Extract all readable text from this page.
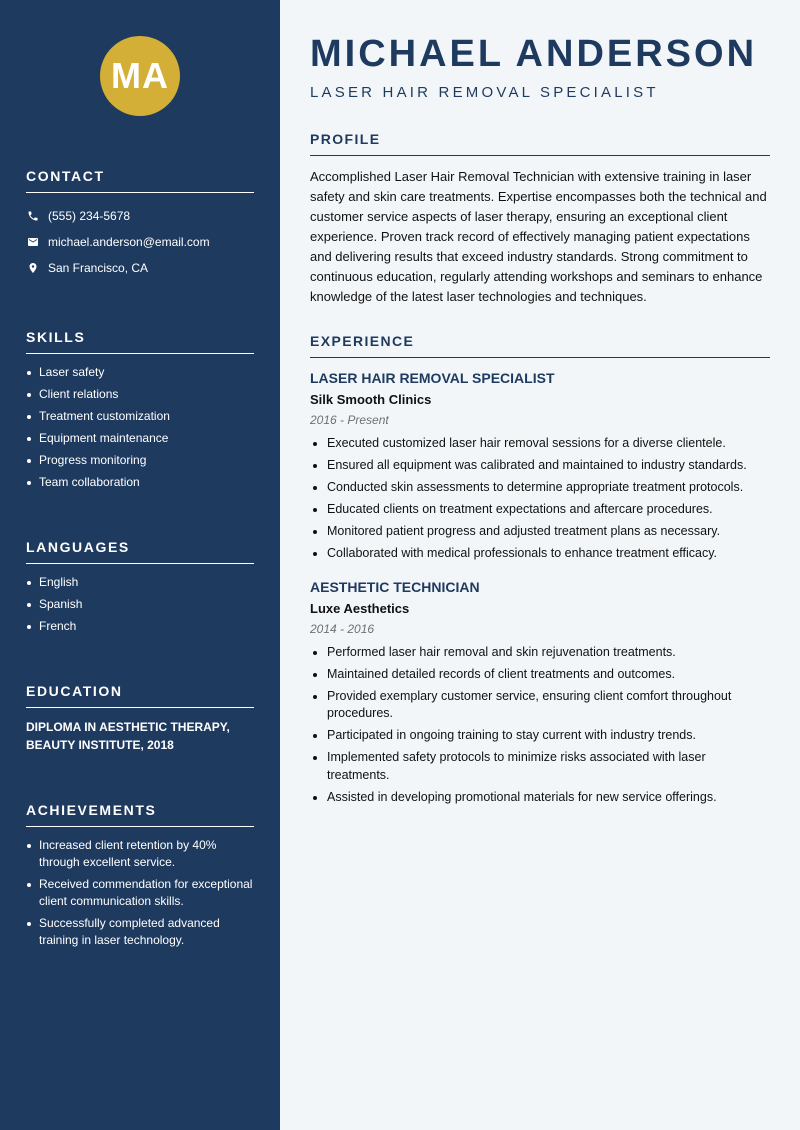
MA
CONTACT
(555) 234-5678
michael.anderson@email.com
San Francisco, CA
SKILLS
Laser safety
Client relations
Treatment customization
Equipment maintenance
Progress monitoring
Team collaboration
LANGUAGES
English
Spanish
French
EDUCATION
DIPLOMA IN AESTHETIC THERAPY,
BEAUTY INSTITUTE, 2018
ACHIEVEMENTS
Increased client retention by 40% through excellent service.
Received commendation for exceptional client communication skills.
Successfully completed advanced training in laser technology.
MICHAEL ANDERSON
LASER HAIR REMOVAL SPECIALIST
PROFILE
Accomplished Laser Hair Removal Technician with extensive training in laser safety and skin care treatments. Expertise encompasses both the technical and customer service aspects of laser therapy, ensuring an exceptional client experience. Proven track record of effectively managing patient expectations and delivering results that exceed industry standards. Strong commitment to continuous education, regularly attending workshops and seminars to enhance knowledge of the latest laser technologies and techniques.
EXPERIENCE
LASER HAIR REMOVAL SPECIALIST
Silk Smooth Clinics
2016 - Present
Executed customized laser hair removal sessions for a diverse clientele.
Ensured all equipment was calibrated and maintained to industry standards.
Conducted skin assessments to determine appropriate treatment protocols.
Educated clients on treatment expectations and aftercare procedures.
Monitored patient progress and adjusted treatment plans as necessary.
Collaborated with medical professionals to enhance treatment efficacy.
AESTHETIC TECHNICIAN
Luxe Aesthetics
2014 - 2016
Performed laser hair removal and skin rejuvenation treatments.
Maintained detailed records of client treatments and outcomes.
Provided exemplary customer service, ensuring client comfort throughout procedures.
Participated in ongoing training to stay current with industry trends.
Implemented safety protocols to minimize risks associated with laser treatments.
Assisted in developing promotional materials for new service offerings.
